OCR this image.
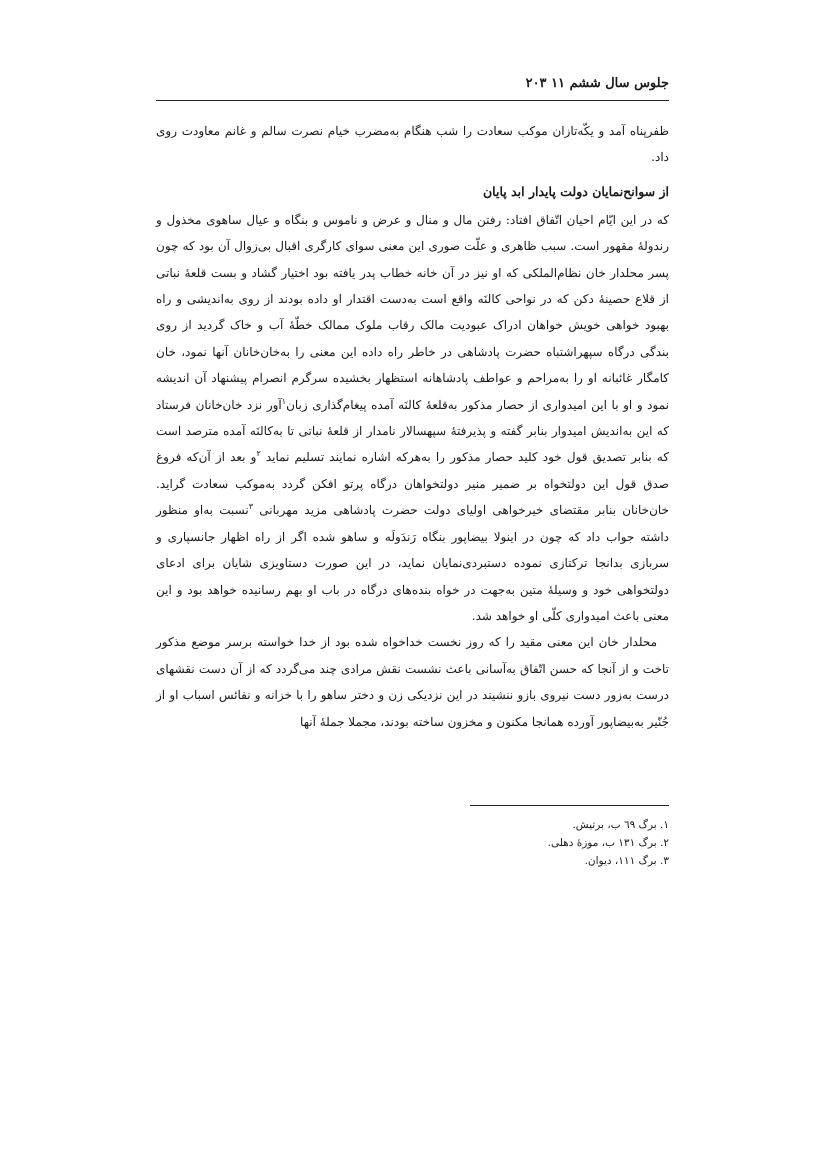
جلوس سال ششم ۱۱ ۲۰۳

ظفرپناه آمد و یکّه‌تازان موکب سعادت را شب هنگام به‌مضرب خیام نصرت سالم و غانم معاودت روی داد.

از سوانح‌نمایان دولت پایدار ابد پایان

که در این ایّام احیان اتّفاق افتاد: رفتن مال و منال و عرض و ناموس و بنگاه و عیال ساهوی مخذول و رندولهٔ مقهور است. سبب ظاهری و علّت صوری این معنی سوای کارگری اقبال بی‌زوال آن بود که چون پسر محلدار خان نظام‌الملکی که او نیز در آن خانه خطاب پدر یافته بود اختیار گشاد و بست قلعهٔ نباتی از قلاع حصینهٔ دکن که در نواحی کالنَه واقع است به‌دست اقتدار او داده بودند از روی به‌اندیشی و راه بهبود خواهی خویش خواهان ادراک عبودیت مالک رقاب ملوک ممالک خطّهٔ آب و خاک گردید از روی بندگی درگاه سپهراشتباه حضرت پادشاهی در خاطر راه داده این معنی را به‌خان‌خانان آنها نمود، خان کامگار غائبانه او را به‌مراحم و عواطف پادشاهانه استظهار بخشیده سرگرم انصرام پیشنهاد آن اندیشه نمود و او با این امیدواری از حصار مذکور به‌قلعهٔ کالنَه آمده پیغام‌گذاری زبان$^۱$آور نزد خان‌خانان فرستاد که این به‌اندیش امیدوار بنابر گفته و پذیرفتهٔ سپهسالار نامدار از قلعهٔ نباتی تا به‌کالنَه آمده مترصد است که بنابر تصدیق قول خود کلید حصار مذکور را به‌هرکه اشاره نمایند تسلیم نماید $^۲$و بعد از آن‌که فروغ صدق قول این دولتخواه بر ضمیر منیر دولتخواهان درگاه پرتو افکن گردد به‌موکب سعادت گراید. خان‌خانان بنابر مقتضای خیرخواهی اولیای دولت حضرت پادشاهی مزید مهربانی $^۳$نسبت به‌او منظور داشته جواب داد که چون در اینولا بیضاپور بنگاه رَندَولَه و ساهو شده اگر از راه اظهار جانسپاری و سربازی بدانجا ترکتازی نموده دستبردی‌نمایان نماید، در این صورت دستاویزی شایان برای ادعای دولتخواهی خود و وسیلهٔ متین به‌جهت در خواه بنده‌های درگاه در باب او بهم رسانیده خواهد بود و این معنی باعث امیدواری کلّی او خواهد شد.

محلدار خان این معنی مقید را که روز نخست خداخواه شده بود از خدا خواسته برسر موضع مذکور تاخت و از آنجا که حسن اتّفاق به‌آسانی باعث نشست نقش مرادی چند می‌گردد که از آن دست نقشهای درست به‌زور دست نیروی بازو ننشیند در این نزدیکی زن و دختر ساهو را با خزانه و نفائس اسباب او از جُنّیر به‌بیضاپور آورده همانجا مکنون و مخزون ساخته بودند، مجملا جملهٔ آنها

۱. برگ ٦٩ ب، برتیش.
۲. برگ ١٣١ ب، موزهٔ دهلی.
۳. برگ ١١١، دیوان.
